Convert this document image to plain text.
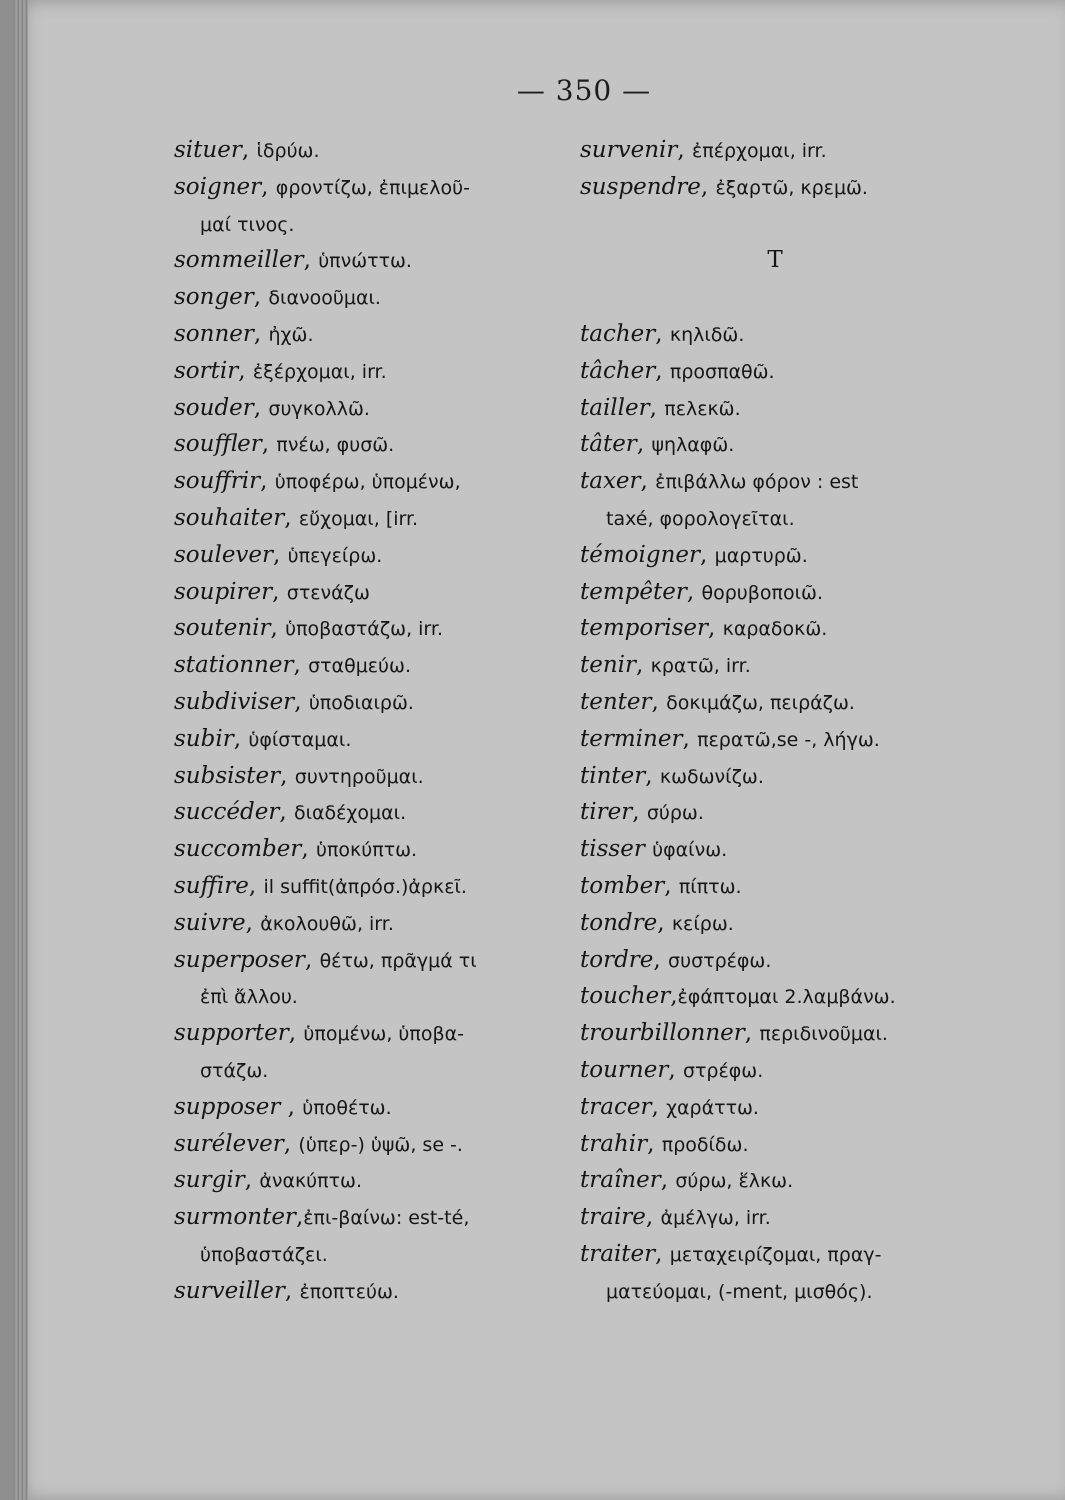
— 350 —
situer, ἱδρύω.
soigner, φροντίζω, ἐπιμελοῦ-
μαί τινος.
sommeiller, ὑπνώττω.
songer, διανοοῦμαι.
sonner, ἠχῶ.
sortir, ἐξέρχομαι, irr.
souder, συγκολλῶ.
souffler, πνέω, φυσῶ.
souffrir, ὑποφέρω, ὑπομένω,
souhaiter, εὔχομαι, [irr.
soulever, ὑπεγείρω.
soupirer, στενάζω
soutenir, ὑποβαστάζω, irr.
stationner, σταθμεύω.
subdiviser, ὑποδιαιρῶ.
subir, ὑφίσταμαι.
subsister, συντηροῦμαι.
succéder, διαδέχομαι.
succomber, ὑποκύπτω.
suffire, il suffit(ἀπρόσ.)ἀρκεῖ.
suivre, ἀκολουθῶ, irr.
superposer, θέτω, πρᾶγμά τι
ἐπὶ ἄλλου.
supporter, ὑπομένω, ὑποβα-
στάζω.
supposer , ὑποθέτω.
surélever, (ὑπερ-) ὑψῶ, se -.
surgir, ἀνακύπτω.
surmonter,ἐπι-βαίνω: est-té,
ὑποβαστάζει.
surveiller, ἐποπτεύω.
survenir, ἐπέρχομαι, irr.
suspendre, ἐξαρτῶ, κρεμῶ.
T
tacher, κηλιδῶ.
tâcher, προσπαθῶ.
tailler, πελεκῶ.
tâter, ψηλαφῶ.
taxer, ἐπιβάλλω φόρον : est
taxé, φορολογεῖται.
témoigner, μαρτυρῶ.
tempêter, θορυβοποιῶ.
temporiser, καραδοκῶ.
tenir, κρατῶ, irr.
tenter, δοκιμάζω, πειράζω.
terminer, περατῶ,se -, λήγω.
tinter, κωδωνίζω.
tirer, σύρω.
tisser ὑφαίνω.
tomber, πίπτω.
tondre, κείρω.
tordre, συστρέφω.
toucher,ἐφάπτομαι 2.λαμβάνω.
trourbillonner, περιδινοῦμαι.
tourner, στρέφω.
tracer, χαράττω.
trahir, προδίδω.
traîner, σύρω, ἕλκω.
traire, ἀμέλγω, irr.
traiter, μεταχειρίζομαι, πραγ-
ματεύομαι, (-ment, μισθός).
